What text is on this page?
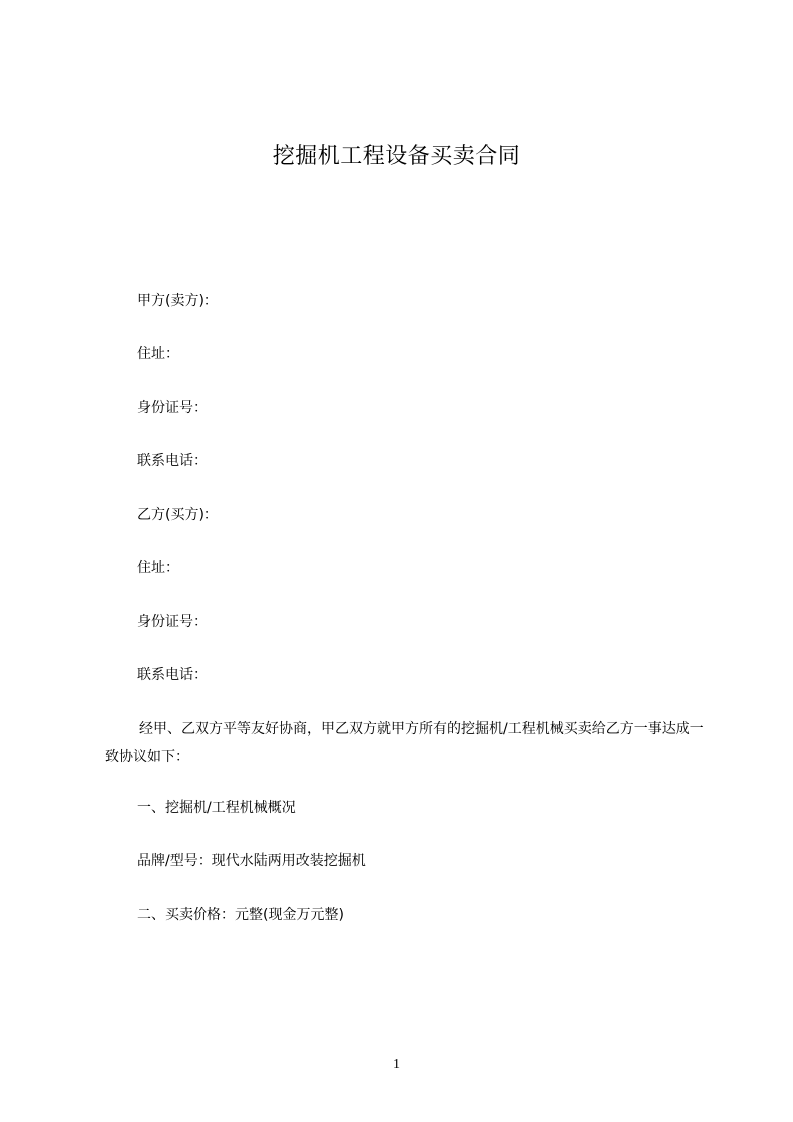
挖掘机工程设备买卖合同
甲方(卖方)：
住址：
身份证号：
联系电话：
乙方(买方)：
住址：
身份证号：
联系电话：
经甲、乙双方平等友好协商，甲乙双方就甲方所有的挖掘机/工程机械买卖给乙方一事达成一致协议如下：
一、挖掘机/工程机械概况
品牌/型号：现代水陆两用改装挖掘机
二、买卖价格：元整(现金万元整)
1
